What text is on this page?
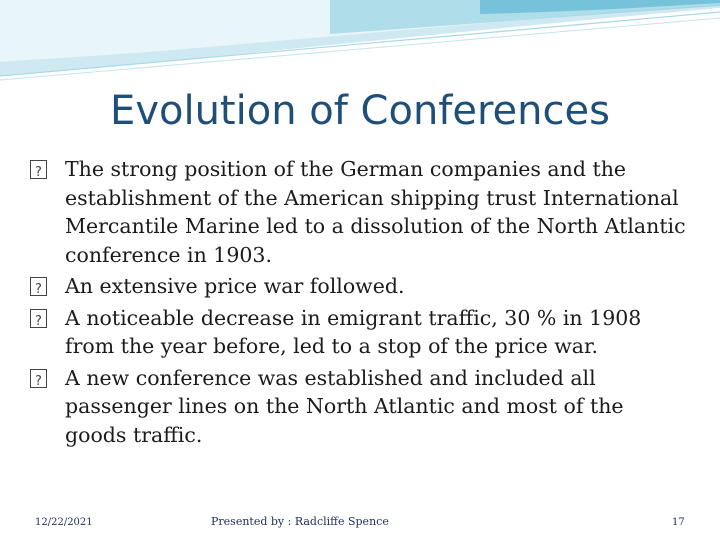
Evolution of Conferences
?
The strong position of the German companies and the establishment of the American shipping trust International Mercantile Marine led to a dissolution of the North Atlantic conference in 1903.
?
An extensive price war followed.
?
A noticeable decrease in emigrant traffic, 30 % in 1908 from the year before, led to a stop of the price war.
?
A new conference was established and included all passenger lines on the North Atlantic and most of the goods traffic.
12/22/2021	Presented by : Radcliffe Spence	17
